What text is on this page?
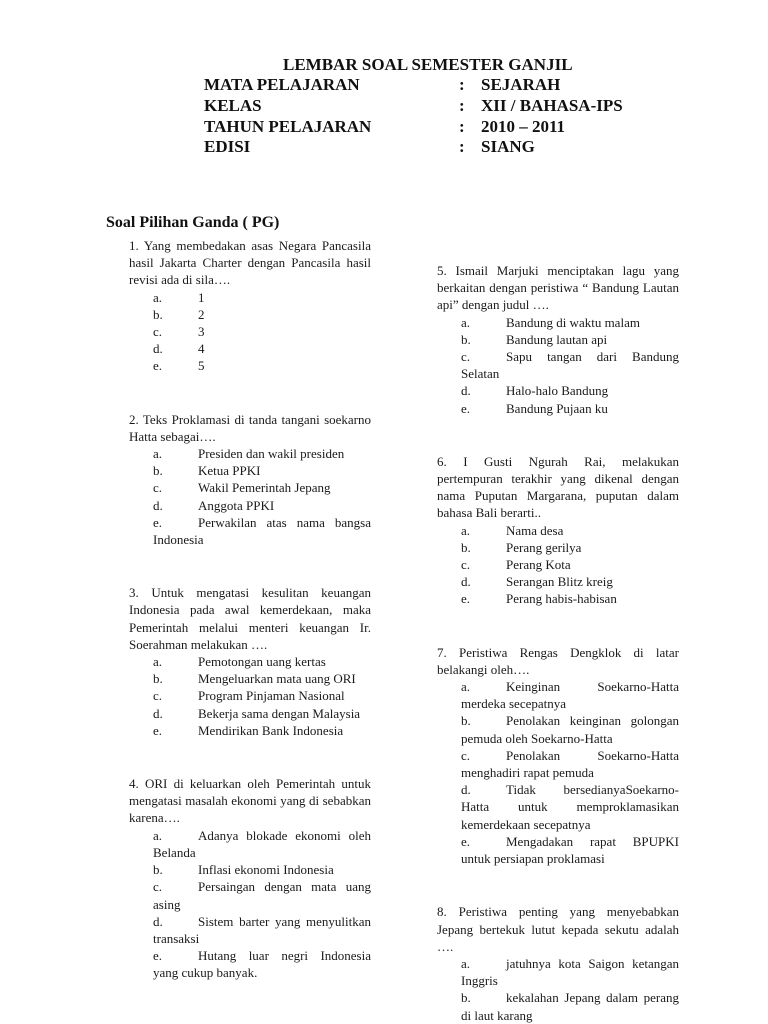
LEMBAR SOAL SEMESTER GANJIL
MATA PELAJARAN	: SEJARAH
KELAS	: XII / BAHASA-IPS
TAHUN PELAJARAN	: 2010 – 2011
EDISI	: SIANG
Soal Pilihan Ganda ( PG)
1. Yang membedakan asas Negara Pancasila hasil Jakarta Charter dengan Pancasila hasil revisi ada di sila….
a.	1
b.	2
c.	3
d.	4
e.	5
2. Teks Proklamasi di tanda tangani soekarno Hatta sebagai….
a.	Presiden dan wakil presiden
b.	Ketua PPKI
c.	Wakil Pemerintah Jepang
d.	Anggota PPKI
e.	Perwakilan atas nama bangsa Indonesia
3. Untuk mengatasi kesulitan keuangan Indonesia pada awal kemerdekaan, maka Pemerintah melalui menteri keuangan Ir. Soerahman melakukan ….
a.	Pemotongan uang kertas
b.	Mengeluarkan mata uang ORI
c.	Program Pinjaman Nasional
d.	Bekerja sama dengan Malaysia
e.	Mendirikan Bank Indonesia
4. ORI di keluarkan oleh Pemerintah untuk mengatasi masalah ekonomi yang di sebabkan karena….
a.	Adanya blokade ekonomi oleh Belanda
b.	Inflasi ekonomi Indonesia
c.	Persaingan dengan mata uang asing
d.	Sistem barter yang menyulitkan transaksi
e.	Hutang luar negri Indonesia yang cukup banyak.
5. Ismail Marjuki menciptakan lagu yang berkaitan dengan peristiwa “ Bandung Lautan api” dengan judul ….
a.	Bandung di waktu malam
b.	Bandung lautan api
c.	Sapu tangan dari Bandung Selatan
d.	Halo-halo Bandung
e.	Bandung Pujaan ku
6. I Gusti Ngurah Rai, melakukan pertempuran terakhir yang dikenal dengan nama Puputan Margarana, puputan dalam bahasa Bali berarti..
a.	Nama desa
b.	Perang gerilya
c.	Perang Kota
d.	Serangan Blitz kreig
e.	Perang habis-habisan
7. Peristiwa Rengas Dengklok di latar belakangi oleh….
a.	Keinginan Soekarno-Hatta merdeka secepatnya
b.	Penolakan keinginan golongan pemuda oleh Soekarno-Hatta
c.	Penolakan Soekarno-Hatta menghadiri rapat pemuda
d.	Tidak bersedianyaSoekarno-Hatta untuk memproklamasikan kemerdekaan secepatnya
e.	Mengadakan rapat BPUPKI untuk persiapan proklamasi
8. Peristiwa penting yang menyebabkan Jepang bertekuk lutut kepada sekutu adalah ….
a.	jatuhnya kota Saigon ketangan Inggris
b.	kekalahan Jepang dalam perang di laut karang
